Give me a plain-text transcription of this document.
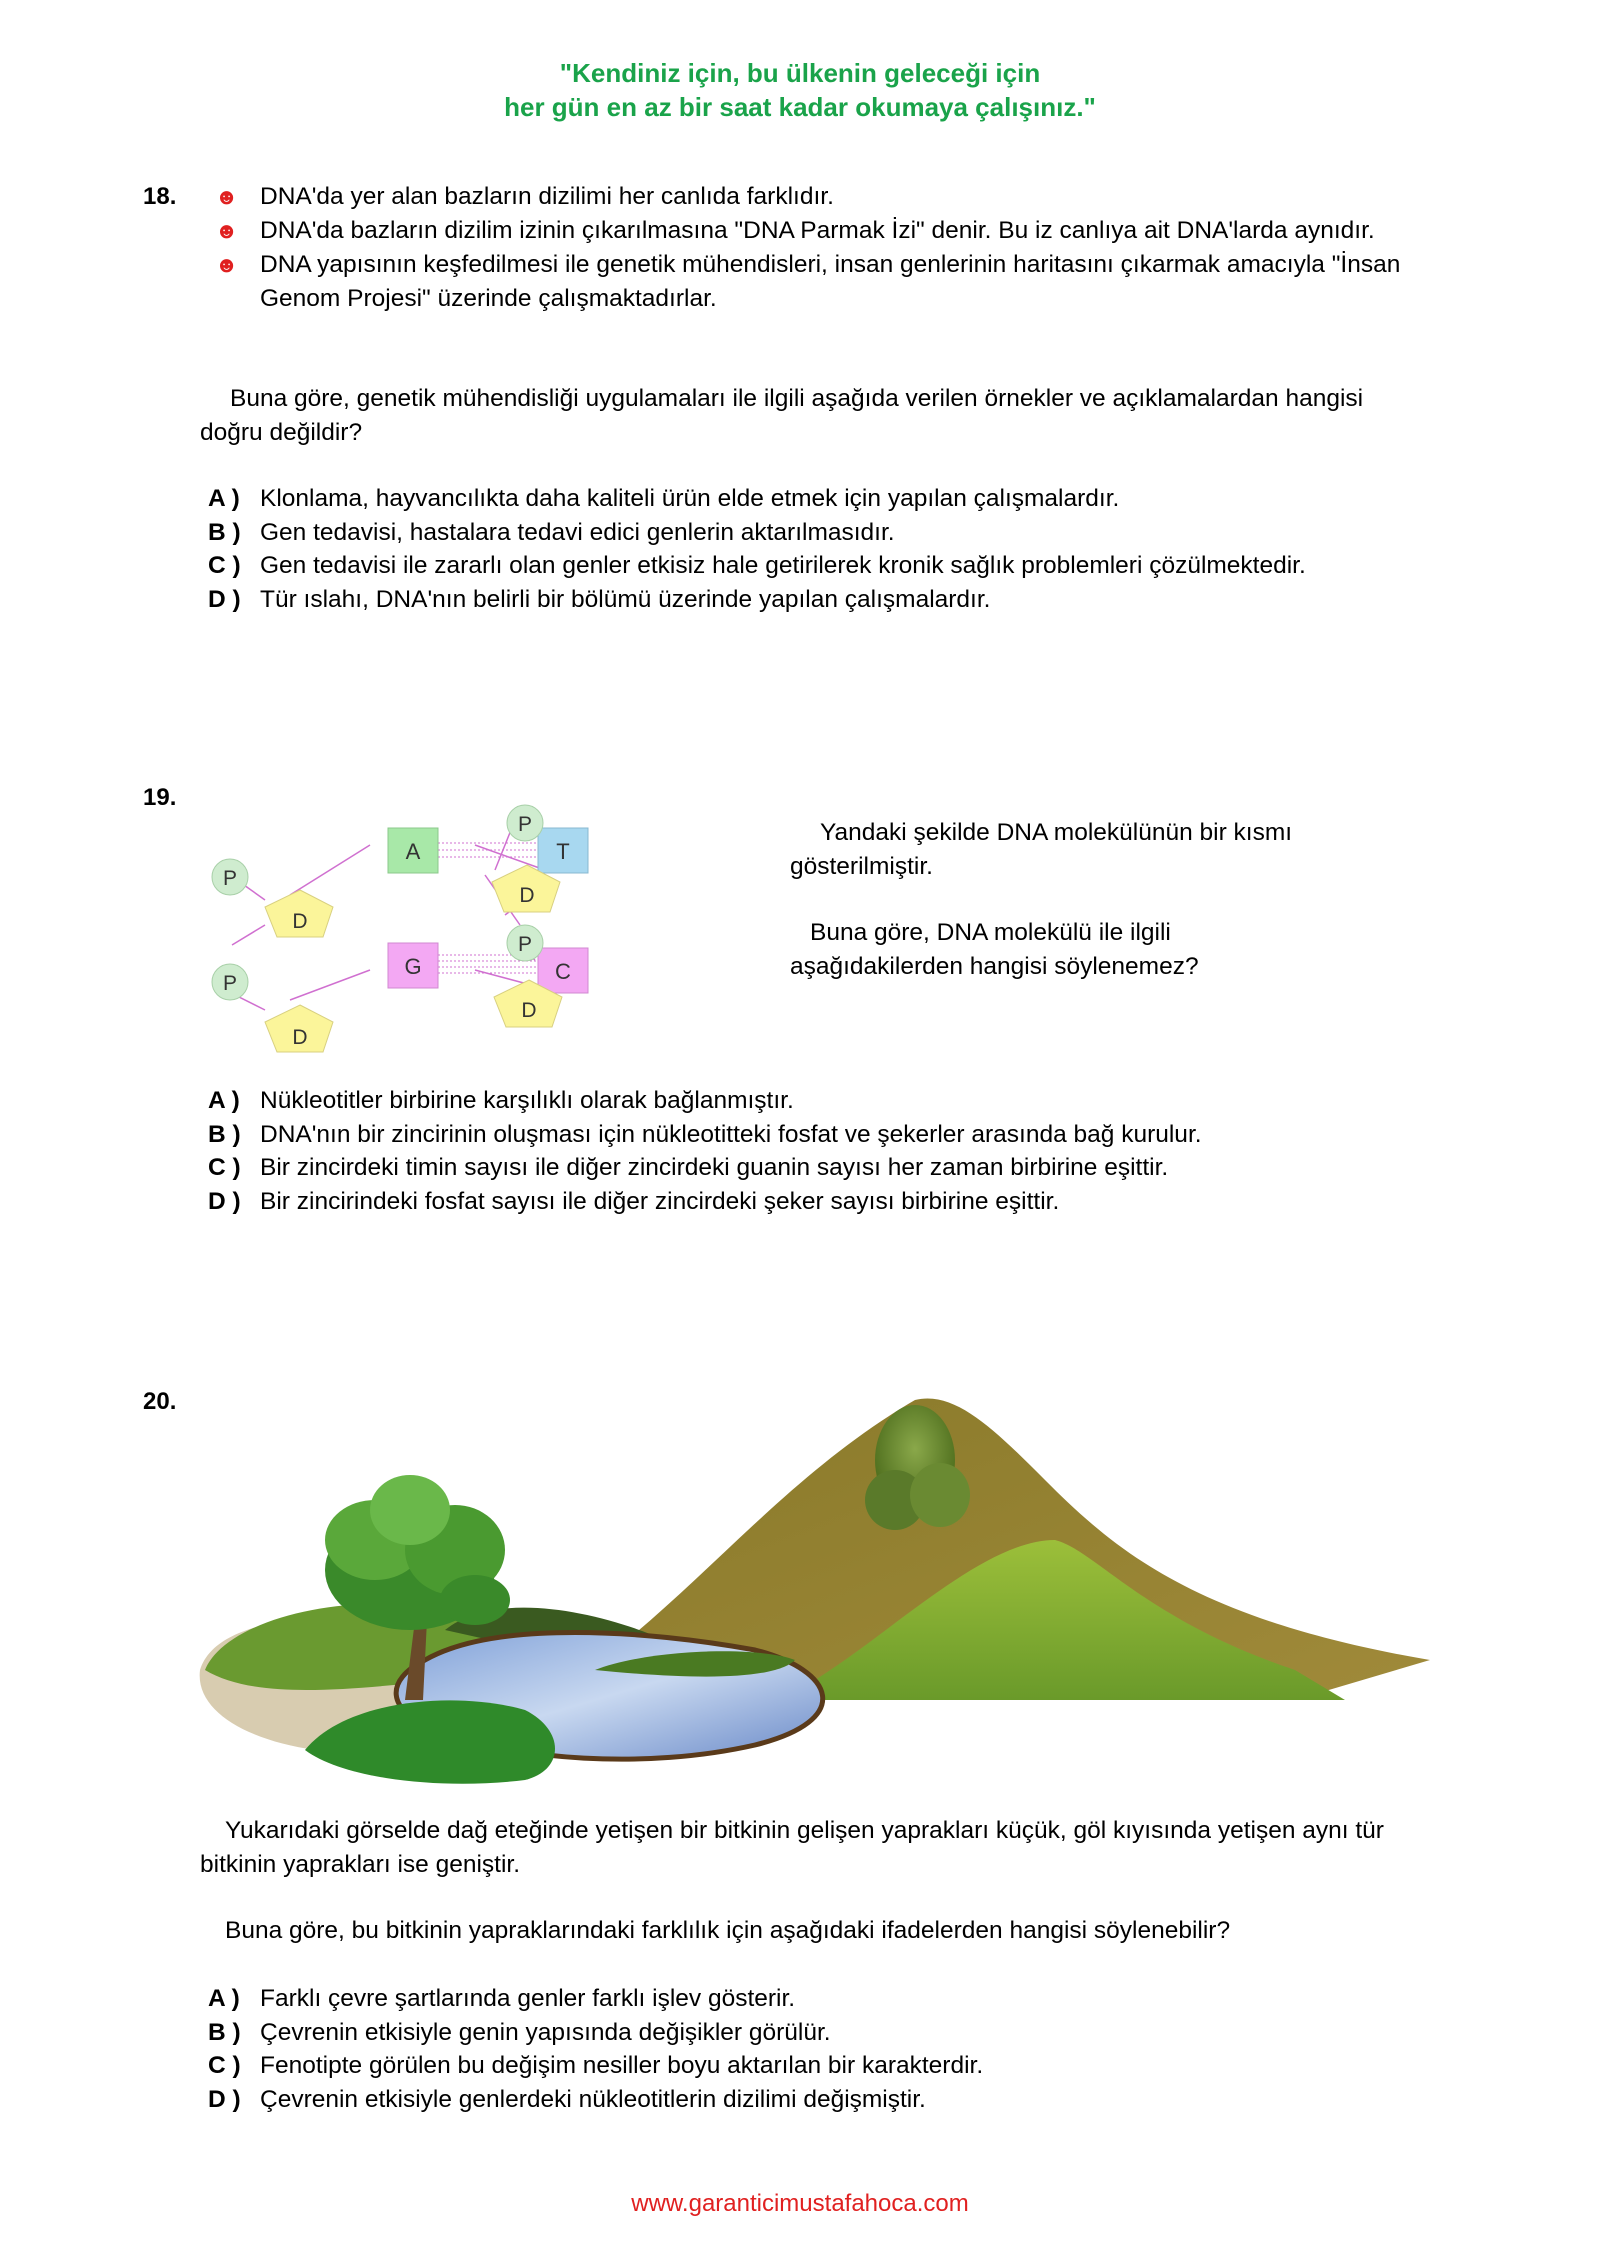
"Kendiniz için, bu ülkenin geleceği için
her gün en az bir saat kadar okumaya çalışınız."
18. ☻ DNA'da yer alan bazların dizilimi her canlıda farklıdır.
☻ DNA'da bazların dizilim izinin çıkarılmasına "DNA Parmak İzi" denir. Bu iz canlıya ait DNA'larda aynıdır.
☻ DNA yapısının keşfedilmesi ile genetik mühendisleri, insan genlerinin haritasını çıkarmak amacıyla "İnsan Genom Projesi" üzerinde çalışmaktadırlar.
Buna göre, genetik mühendisliği uygulamaları ile ilgili aşağıda verilen örnekler ve açıklamalardan hangisi doğru değildir?
A ) Klonlama, hayvancılıkta daha kaliteli ürün elde etmek için yapılan çalışmalardır.
B ) Gen tedavisi, hastalara tedavi edici genlerin aktarılmasıdır.
C ) Gen tedavisi ile zararlı olan genler etkisiz hale getirilerek kronik sağlık problemleri çözülmektedir.
D ) Tür ıslahı, DNA'nın belirli bir bölümü üzerinde yapılan çalışmalardır.
19.
A	T
G	C
D
D
D
D
P
P
P
P
Yandaki şekilde DNA molekülünün bir kısmı gösterilmiştir.
Buna göre, DNA molekülü ile ilgili aşağıdakilerden hangisi söylenemez?
A ) Nükleotitler birbirine karşılıklı olarak bağlanmıştır.
B ) DNA'nın bir zincirinin oluşması için nükleotitteki fosfat ve şekerler arasında bağ kurulur.
C ) Bir zincirdeki timin sayısı ile diğer zincirdeki guanin sayısı her zaman birbirine eşittir.
D ) Bir zincirindeki fosfat sayısı ile diğer zincirdeki şeker sayısı birbirine eşittir.
20.
Yukarıdaki görselde dağ eteğinde yetişen bir bitkinin gelişen yaprakları küçük, göl kıyısında yetişen aynı tür bitkinin yaprakları ise geniştir.
Buna göre, bu bitkinin yapraklarındaki farklılık için aşağıdaki ifadelerden hangisi söylenebilir?
A ) Farklı çevre şartlarında genler farklı işlev gösterir.
B ) Çevrenin etkisiyle genin yapısında değişikler görülür.
C ) Fenotipte görülen bu değişim nesiller boyu aktarılan bir karakterdir.
D ) Çevrenin etkisiyle genlerdeki nükleotitlerin dizilimi değişmiştir.
www.garanticimustafahoca.com
